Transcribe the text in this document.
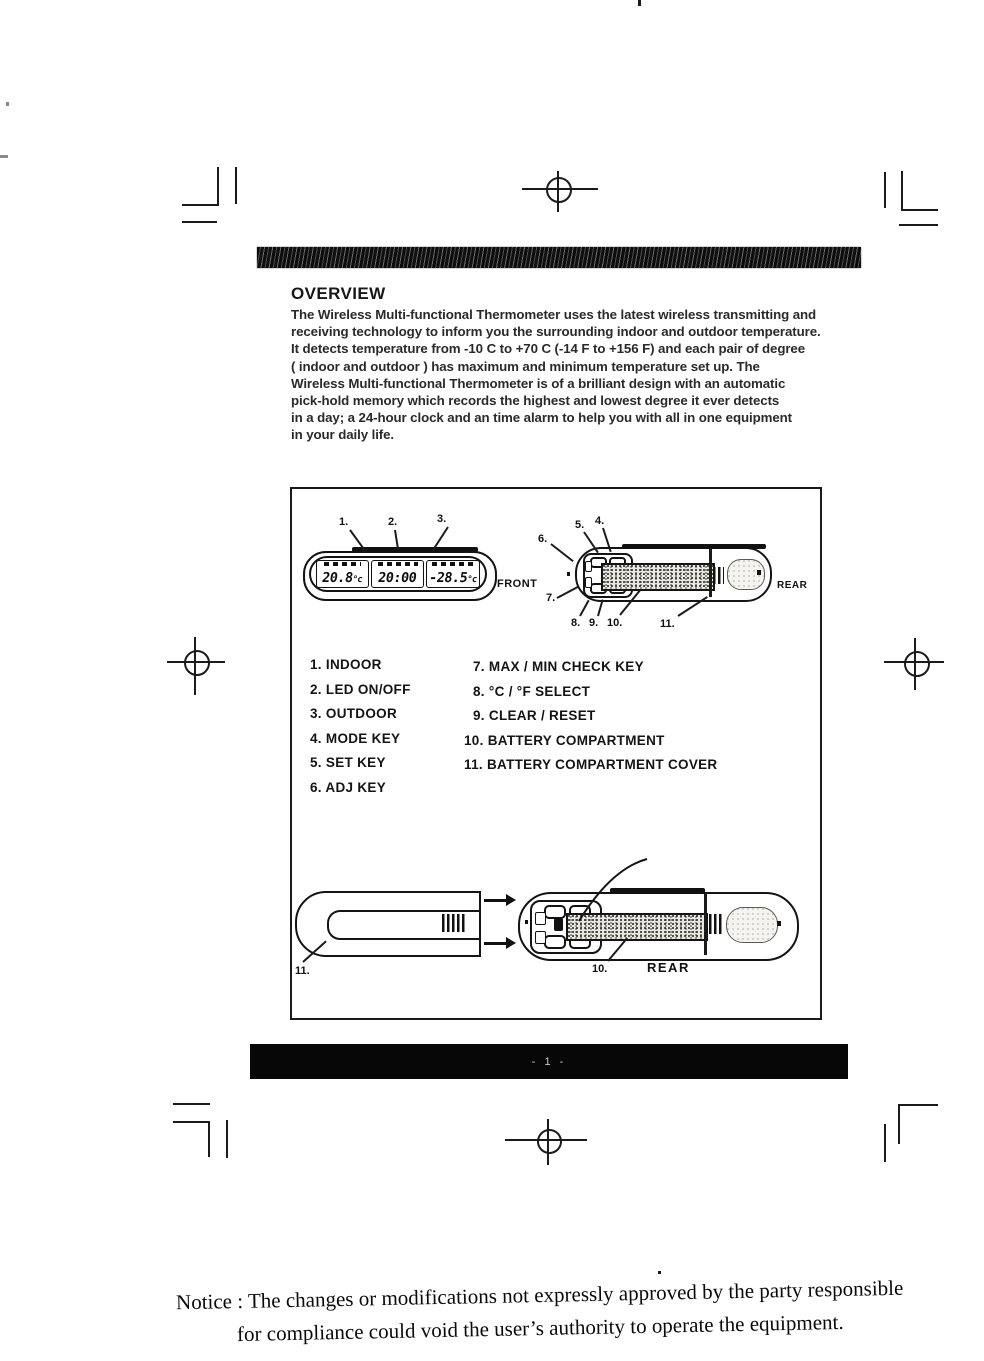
OVERVIEW
The Wireless Multi-functional Thermometer uses the latest wireless transmitting and
receiving technology to inform you the surrounding indoor and outdoor temperature.
It detects temperature from -10 C to +70 C (-14 F to +156 F) and each pair of degree
( indoor and outdoor ) has maximum and minimum temperature set up. The
Wireless Multi-functional Thermometer is of a brilliant design with an automatic
pick-hold memory which records the highest and lowest degree it ever detects
in a day; a 24-hour clock and an time alarm to help you with all in one equipment
in your daily life.
20.8°c 20:00 -28.5°c
1.	2.	3.
FRONT
5. 4.
6.
7.
8. 9. 10.	11.
REAR
1. INDOOR
2. LED ON/OFF
3. OUTDOOR
4. MODE KEY
5. SET KEY
6. ADJ KEY
7. MAX / MIN CHECK KEY
8. °C / °F SELECT
9. CLEAR / RESET
10. BATTERY COMPARTMENT
11. BATTERY COMPARTMENT COVER
11.	10.	REAR
- 1 -
Notice : The changes or modifications not expressly approved by the party responsible
for compliance could void the user’s authority to operate the equipment.
